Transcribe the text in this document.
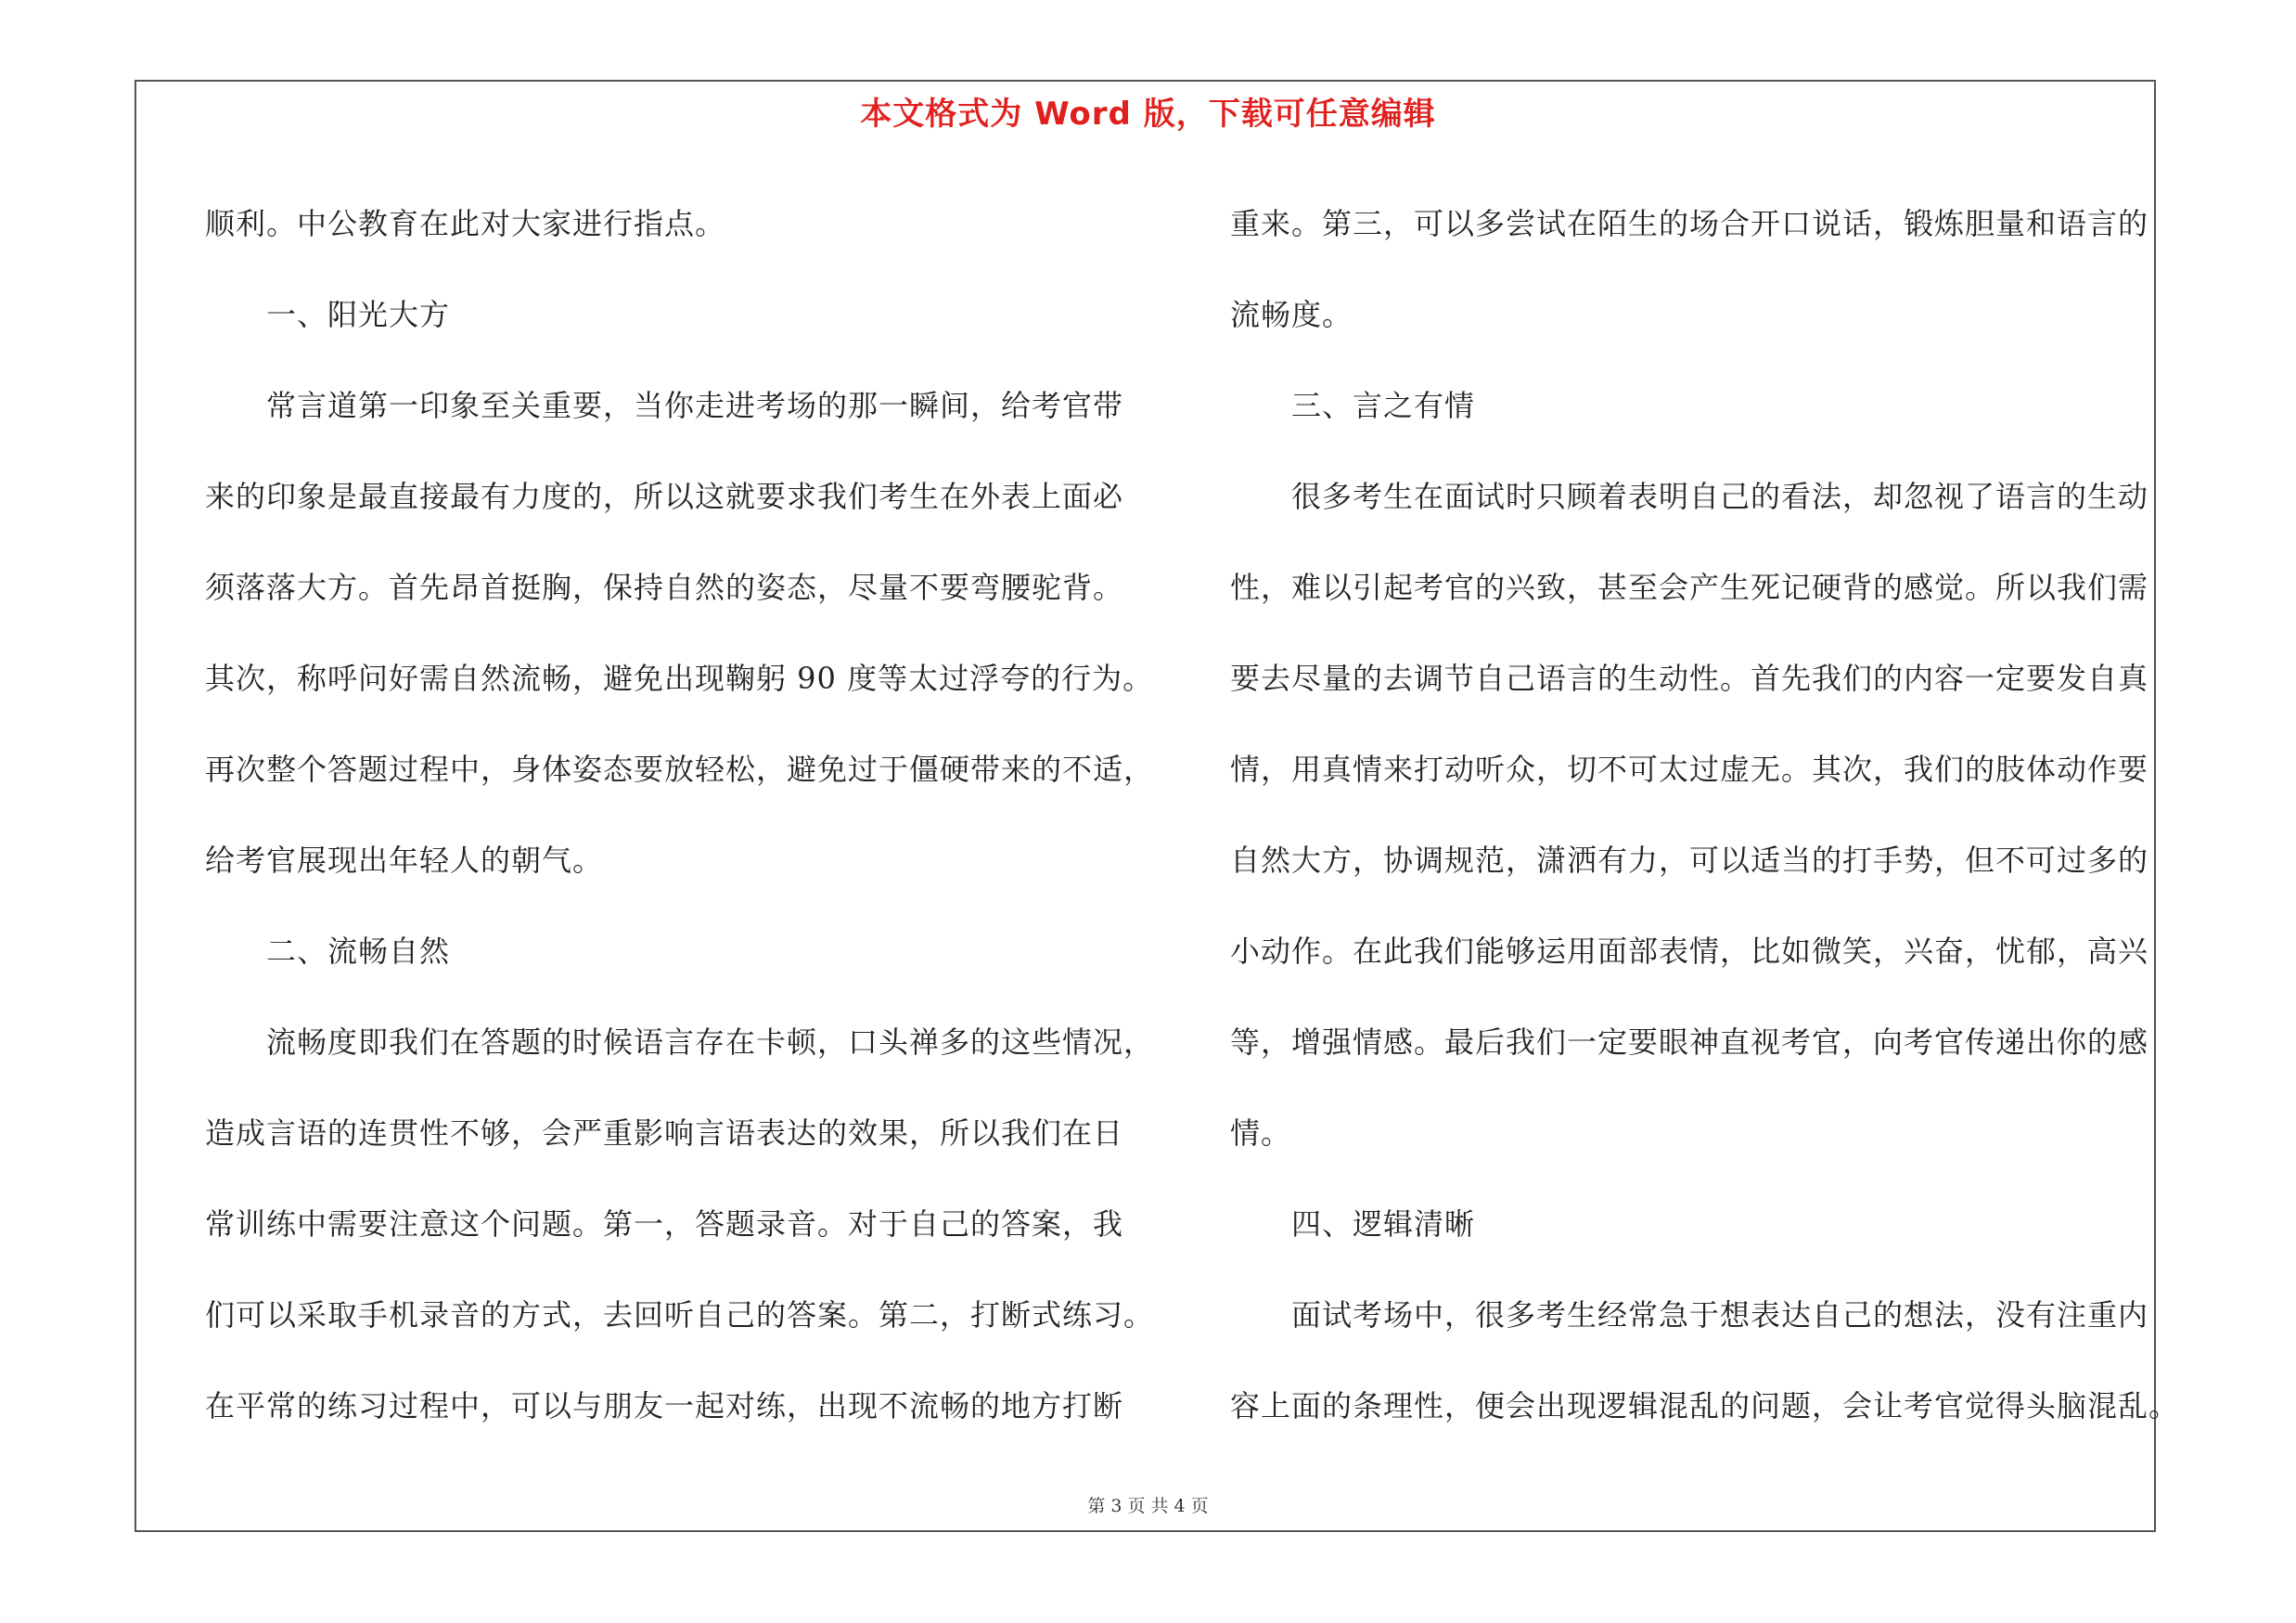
本文格式为 Word 版，下载可任意编辑

顺利。中公教育在此对大家进行指点。

　　一、阳光大方

　　常言道第一印象至关重要，当你走进考场的那一瞬间，给考官带

来的印象是最直接最有力度的，所以这就要求我们考生在外表上面必

须落落大方。首先昂首挺胸，保持自然的姿态，尽量不要弯腰驼背。

其次，称呼问好需自然流畅，避免出现鞠躬 90 度等太过浮夸的行为。

再次整个答题过程中，身体姿态要放轻松，避免过于僵硬带来的不适，

给考官展现出年轻人的朝气。

　　二、流畅自然

　　流畅度即我们在答题的时候语言存在卡顿，口头禅多的这些情况，

造成言语的连贯性不够，会严重影响言语表达的效果，所以我们在日

常训练中需要注意这个问题。第一，答题录音。对于自己的答案，我

们可以采取手机录音的方式，去回听自己的答案。第二，打断式练习。

在平常的练习过程中，可以与朋友一起对练，出现不流畅的地方打断

重来。第三，可以多尝试在陌生的场合开口说话，锻炼胆量和语言的

流畅度。

　　三、言之有情

　　很多考生在面试时只顾着表明自己的看法，却忽视了语言的生动

性，难以引起考官的兴致，甚至会产生死记硬背的感觉。所以我们需

要去尽量的去调节自己语言的生动性。首先我们的内容一定要发自真

情，用真情来打动听众，切不可太过虚无。其次，我们的肢体动作要

自然大方，协调规范，潇洒有力，可以适当的打手势，但不可过多的

小动作。在此我们能够运用面部表情，比如微笑，兴奋，忧郁，高兴

等，增强情感。最后我们一定要眼神直视考官，向考官传递出你的感

情。

　　四、逻辑清晰

　　面试考场中，很多考生经常急于想表达自己的想法，没有注重内

容上面的条理性，便会出现逻辑混乱的问题，会让考官觉得头脑混乱。

第 3 页 共 4 页
